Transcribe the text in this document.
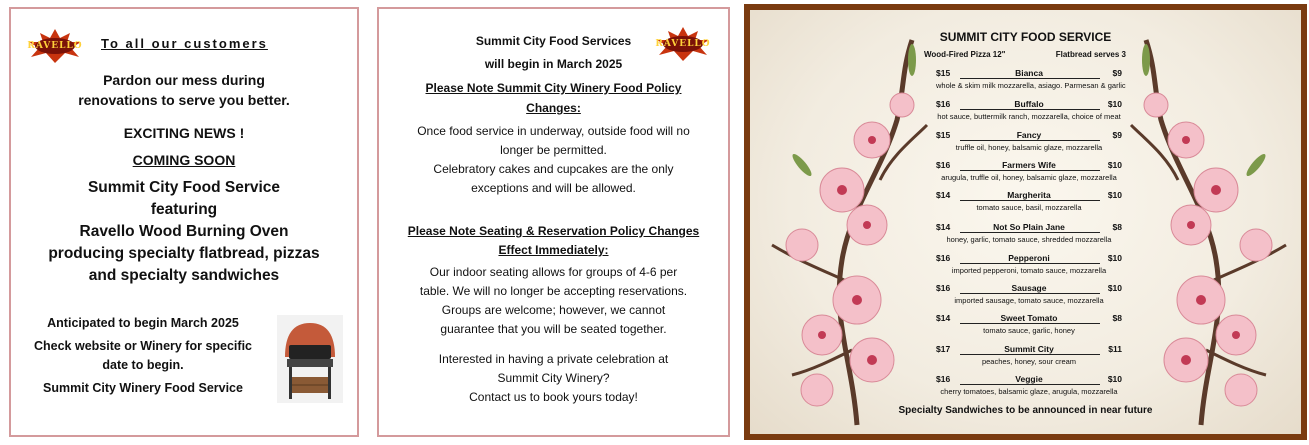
RAVELLO To all our customers
Pardon our mess during
renovations to serve you better.
EXCITING NEWS !
COMING SOON
Summit City Food Service
featuring
Ravello Wood Burning Oven
producing specialty flatbread, pizzas
and specialty sandwiches
Anticipated to begin March 2025
Check website or Winery for specific
date to begin.
Summit City Winery Food Service
RAVELLO
Summit City Food Services
will begin in March 2025
Please Note Summit City Winery Food Policy
Changes:
Once food service in underway, outside food will no
longer be permitted.
Celebratory cakes and cupcakes are the only
exceptions and will be allowed.
Please Note Seating & Reservation Policy Changes
Effect Immediately:
Our indoor seating allows for groups of 4-6 per
table. We will no longer be accepting reservations.
Groups are welcome; however, we cannot
guarantee that you will be seated together.
Interested in having a private celebration at
Summit City Winery?
Contact us to book yours today!
SUMMIT CITY FOOD SERVICE
Wood-Fired Pizza 12"	Flatbread serves 3
$15	Bianca	$9
whole & skim milk mozzarella, asiago. Parmesan & garlic
$16	Buffalo	$10
hot sauce, buttermilk ranch, mozzarella, choice of meat
$15	Fancy	$9
truffle oil, honey, balsamic glaze, mozzarella
$16	Farmers Wife	$10
arugula, truffle oil, honey, balsamic glaze, mozzarella
$14	Margherita	$10
tomato sauce, basil, mozzarella
$14	Not So Plain Jane	$8
honey, garlic, tomato sauce, shredded mozzarella
$16	Pepperoni	$10
imported pepperoni, tomato sauce, mozzarella
$16	Sausage	$10
imported sausage, tomato sauce, mozzarella
$14	Sweet Tomato	$8
tomato sauce, garlic, honey
$17	Summit City	$11
peaches, honey, sour cream
$16	Veggie	$10
cherry tomatoes, balsamic glaze, arugula, mozzarella
Specialty Sandwiches to be announced in near future
